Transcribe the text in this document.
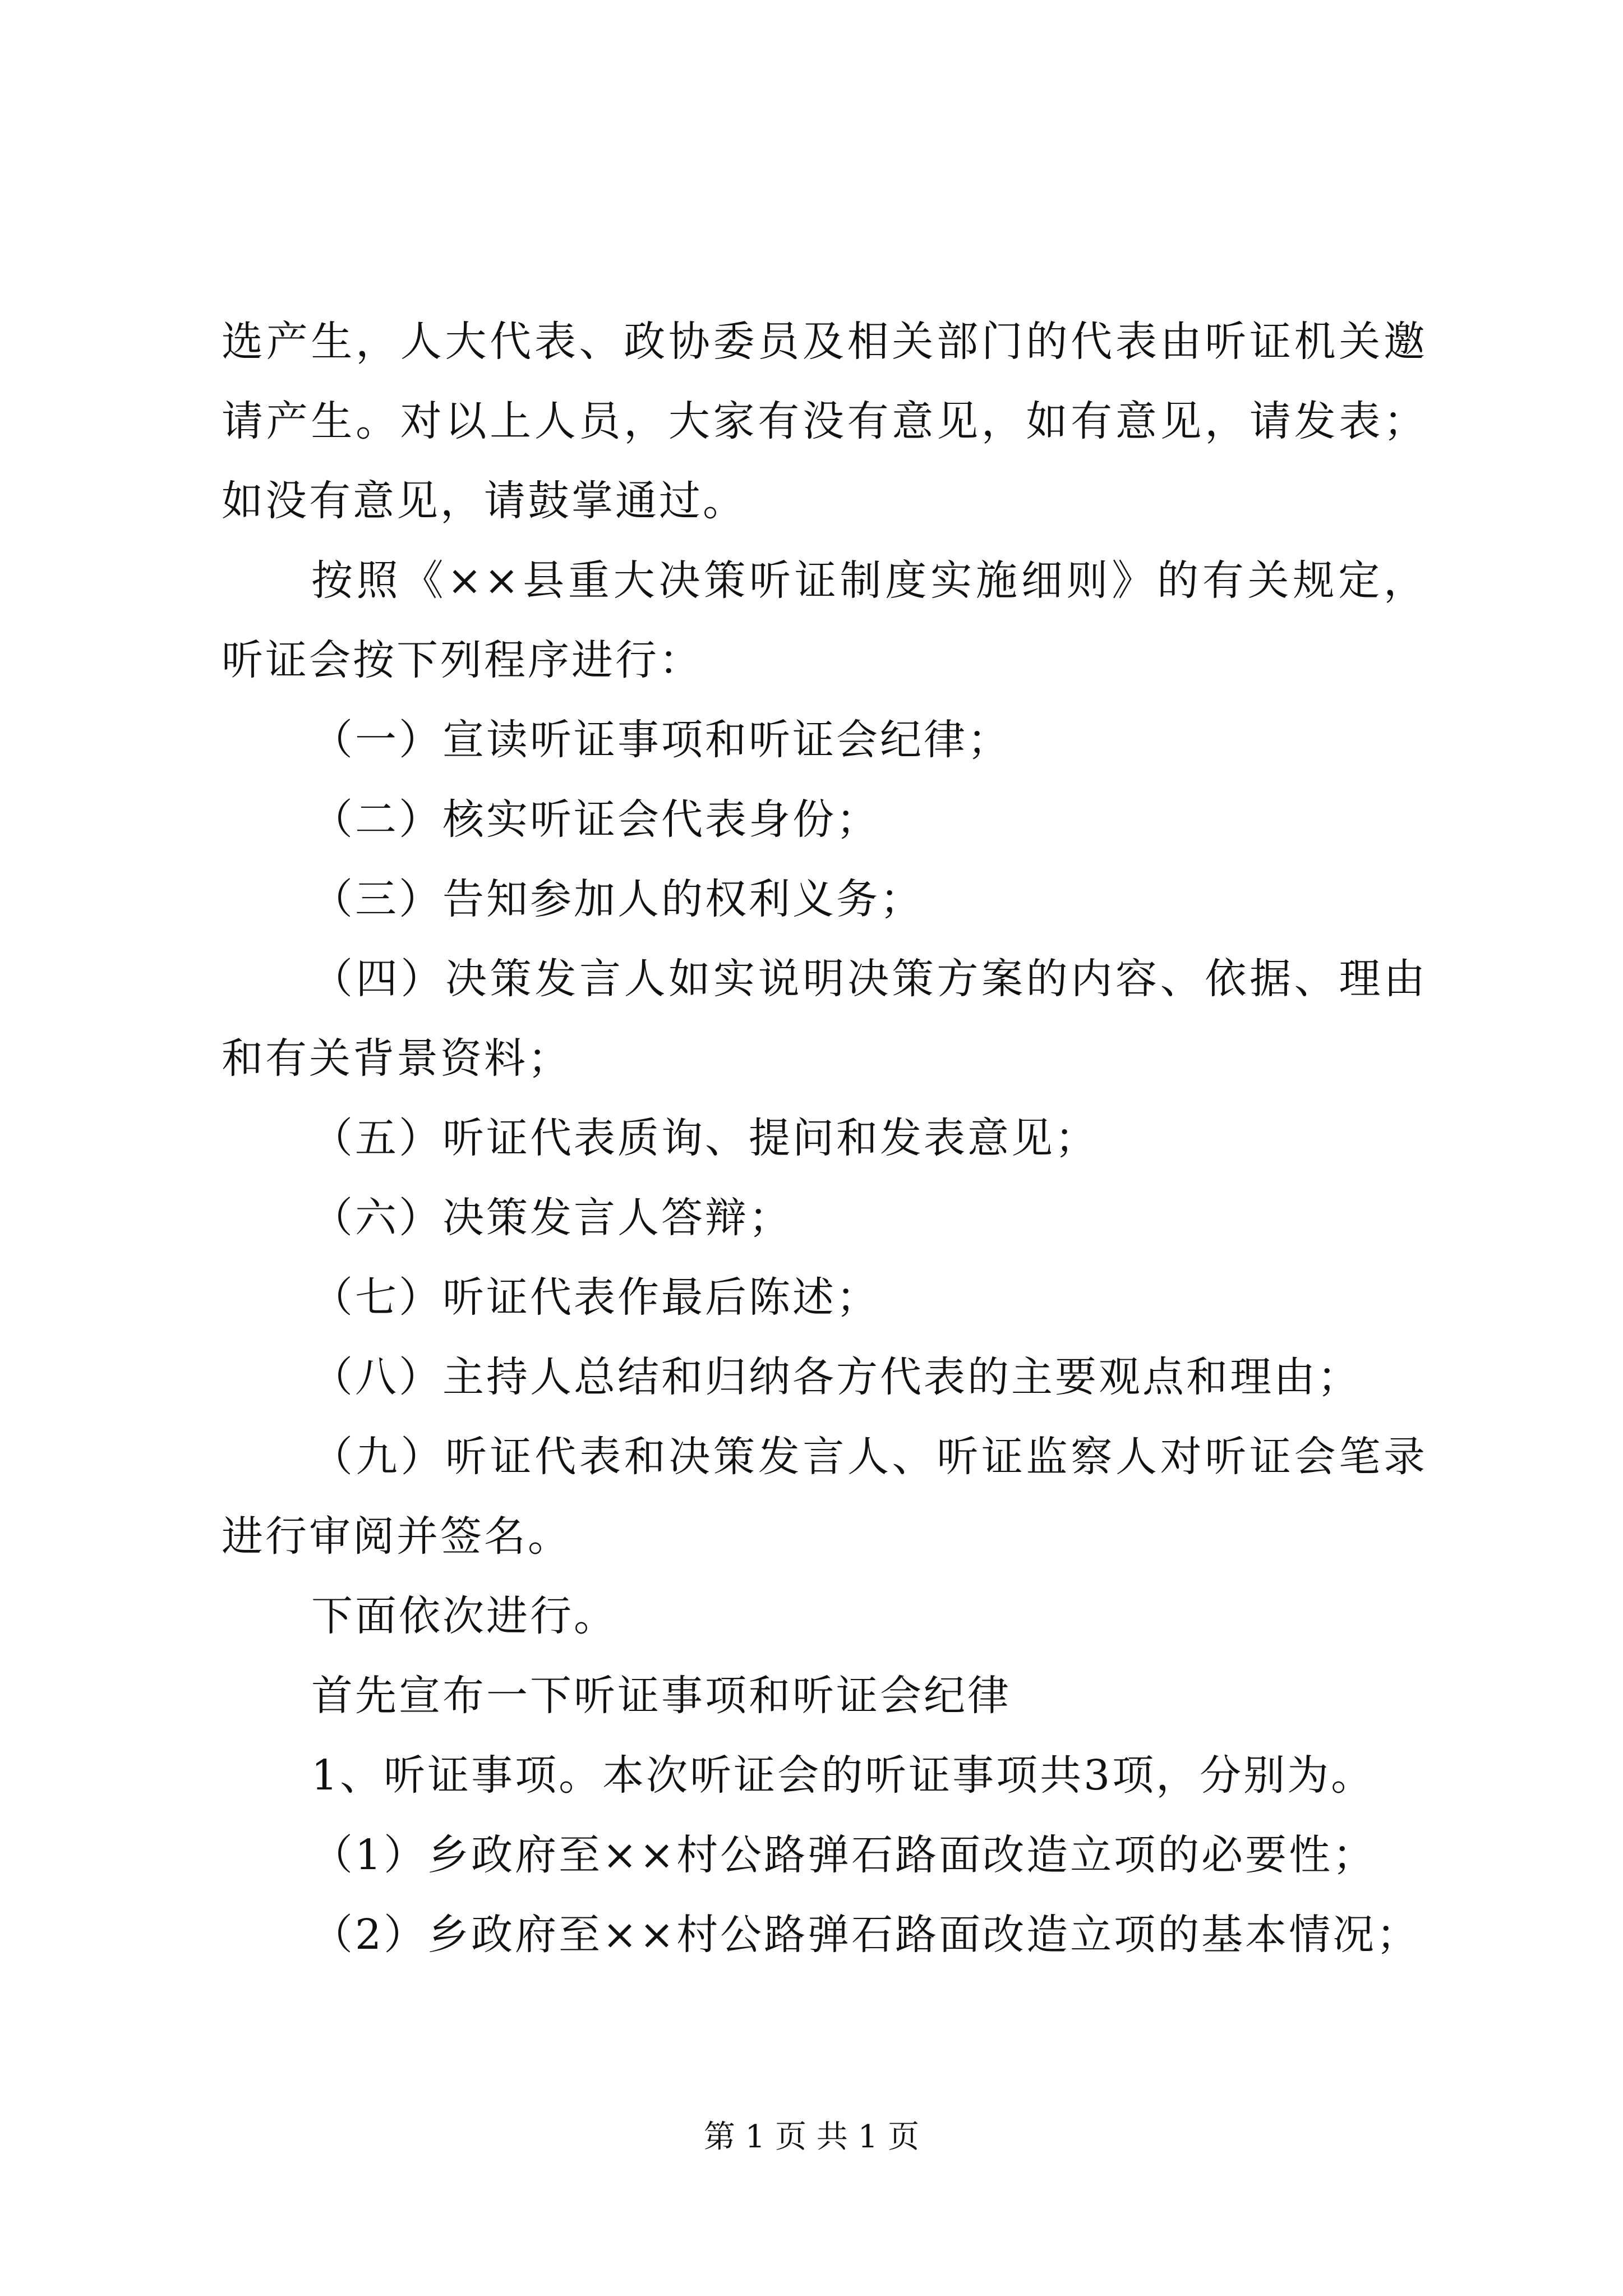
选产生，人大代表、政协委员及相关部门的代表由听证机关邀请产生。对以上人员，大家有没有意见，如有意见，请发表；如没有意见，请鼓掌通过。

按照《××县重大决策听证制度实施细则》的有关规定，听证会按下列程序进行：

（一）宣读听证事项和听证会纪律；

（二）核实听证会代表身份；

（三）告知参加人的权利义务；

（四）决策发言人如实说明决策方案的内容、依据、理由和有关背景资料；

（五）听证代表质询、提问和发表意见；

（六）决策发言人答辩；

（七）听证代表作最后陈述；

（八）主持人总结和归纳各方代表的主要观点和理由；

（九）听证代表和决策发言人、听证监察人对听证会笔录进行审阅并签名。

下面依次进行。

首先宣布一下听证事项和听证会纪律

1、听证事项。本次听证会的听证事项共3项，分别为。

（1）乡政府至××村公路弹石路面改造立项的必要性；

（2）乡政府至××村公路弹石路面改造立项的基本情况；

第 1 页 共 1 页
